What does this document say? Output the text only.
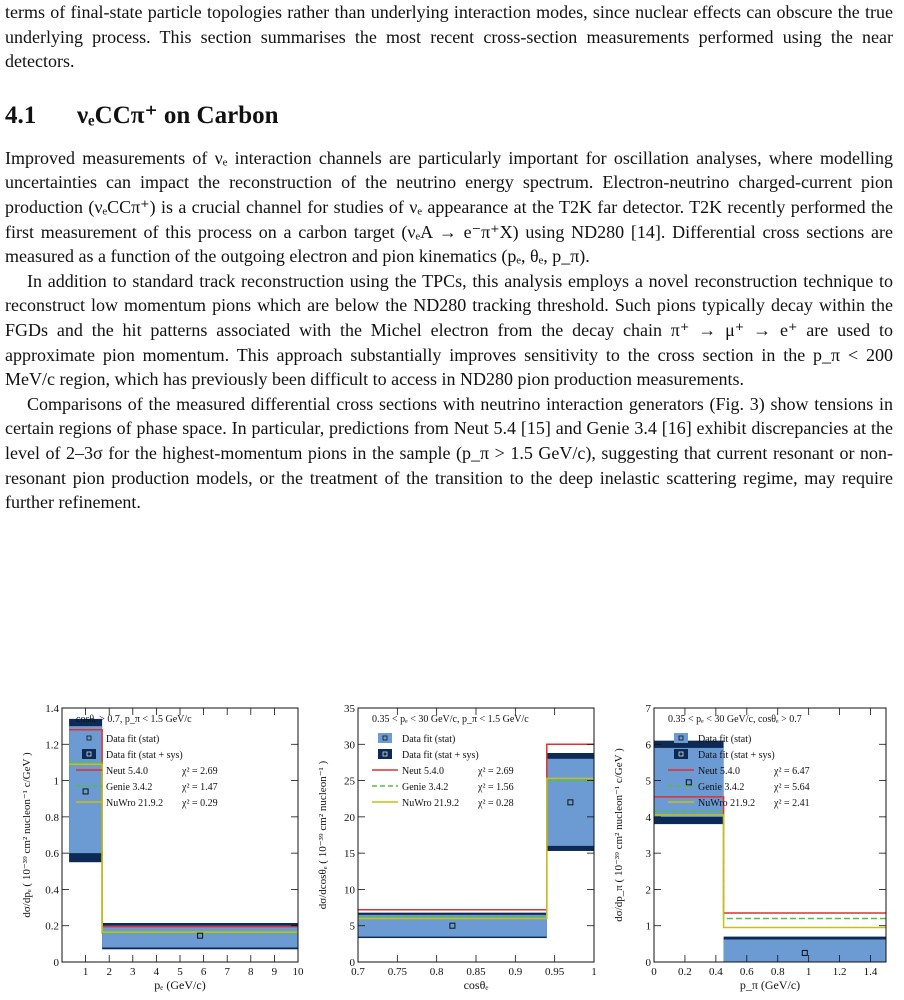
terms of final-state particle topologies rather than underlying interaction modes, since nuclear effects can obscure the true underlying process. This section summarises the most recent cross-section measurements performed using the near detectors.

4.1	νₑCCπ⁺ on Carbon

Improved measurements of νₑ interaction channels are particularly important for oscillation analyses, where modelling uncertainties can impact the reconstruction of the neutrino energy spectrum. Electron-neutrino charged-current pion production (νₑCCπ⁺) is a crucial channel for studies of νₑ appearance at the T2K far detector. T2K recently performed the first measurement of this process on a carbon target (νₑA → e⁻π⁺X) using ND280 [14]. Differential cross sections are measured as a function of the outgoing electron and pion kinematics (pₑ, θₑ, p_π).

In addition to standard track reconstruction using the TPCs, this analysis employs a novel reconstruction technique to reconstruct low momentum pions which are below the ND280 tracking threshold. Such pions typically decay within the FGDs and the hit patterns associated with the Michel electron from the decay chain π⁺ → μ⁺ → e⁺ are used to approximate pion momentum. This approach substantially improves sensitivity to the cross section in the p_π < 200 MeV/c region, which has previously been difficult to access in ND280 pion production measurements.

Comparisons of the measured differential cross sections with neutrino interaction generators (Fig. 3) show tensions in certain regions of phase space. In particular, predictions from Neut 5.4 [15] and Genie 3.4 [16] exhibit discrepancies at the level of 2–3σ for the highest-momentum pions in the sample (p_π > 1.5 GeV/c), suggesting that current resonant or non-resonant pion production models, or the treatment of the transition to the deep inelastic scattering regime, may require further refinement.

1 2 3 4 5 6 7 8 9 10
0
0.2
0.4
0.6
0.8
1
1.2
1.4
pₑ (GeV/c)
dσ/dpₑ ( 10⁻³⁹ cm² nucleon⁻¹ c/GeV )
cosθₑ > 0.7, p_π < 1.5 GeV/c
Data fit (stat)
Data fit (stat + sys)
Neut 5.4.0	χ² = 2.69
Genie 3.4.2	χ² = 1.47
NuWro 21.9.2 χ² = 0.29
0.7 0.75 0.8 0.85 0.9 0.95 1
0
5
10
15
20
25
30
35
cosθₑ
dσ/dcosθₑ ( 10⁻³⁹ cm² nucleon⁻¹ )
0.35 < pₑ < 30 GeV/c, p_π < 1.5 GeV/c
Data fit (stat)
Data fit (stat + sys)
Neut 5.4.0	χ² = 2.69
Genie 3.4.2	χ² = 1.56
NuWro 21.9.2 χ² = 0.28
0 0.2 0.4 0.6 0.8 1 1.2 1.4
0
1
2
3
4
5
6
7
p_π (GeV/c)
dσ/dp_π ( 10⁻³⁹ cm² nucleon⁻¹ c/GeV )
0.35 < pₑ < 30 GeV/c, cosθₑ > 0.7
Data fit (stat)
Data fit (stat + sys)
Neut 5.4.0	χ² = 6.47
Genie 3.4.2	χ² = 5.64
NuWro 21.9.2 χ² = 2.41
